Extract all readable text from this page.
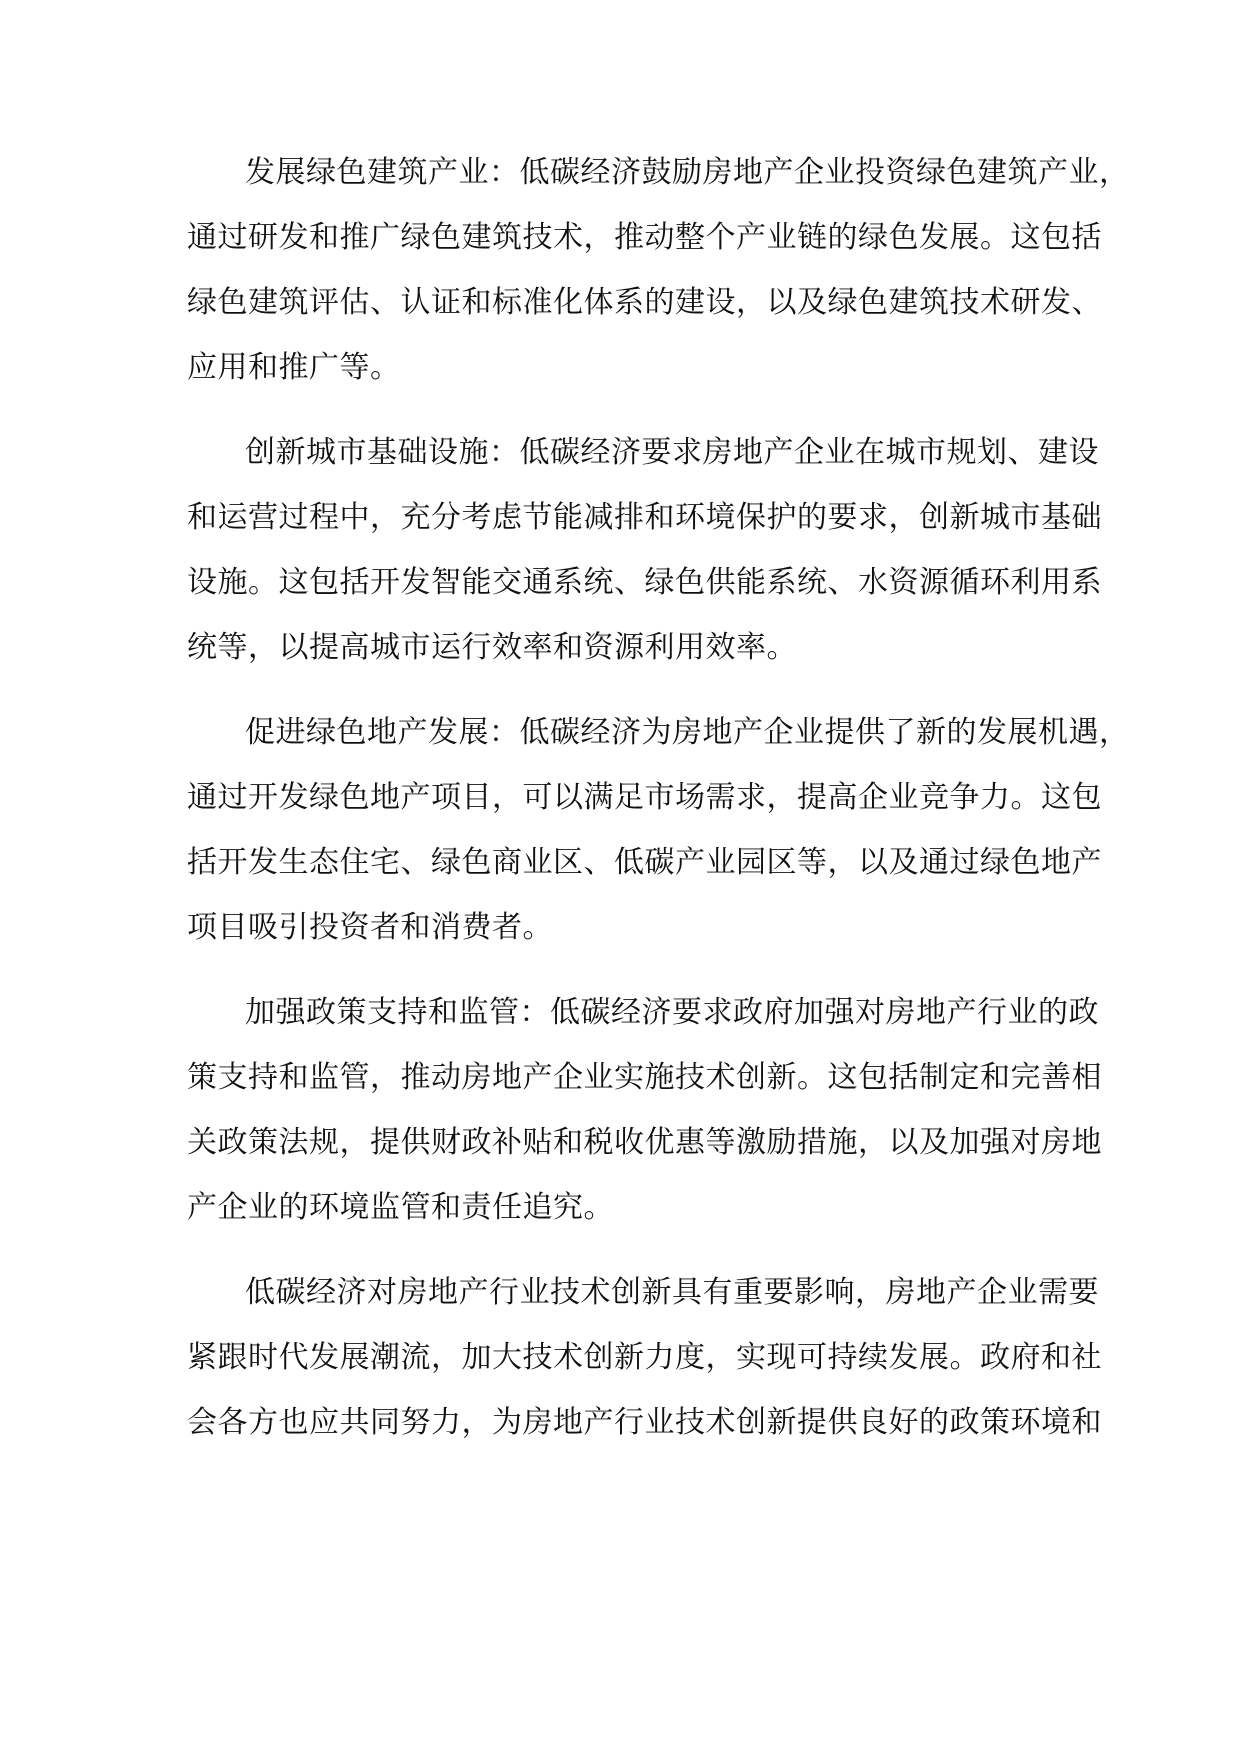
发展绿色建筑产业：低碳经济鼓励房地产企业投资绿色建筑产业，
通过研发和推广绿色建筑技术，推动整个产业链的绿色发展。这包括
绿色建筑评估、认证和标准化体系的建设，以及绿色建筑技术研发、
应用和推广等。
创新城市基础设施：低碳经济要求房地产企业在城市规划、建设
和运营过程中，充分考虑节能减排和环境保护的要求，创新城市基础
设施。这包括开发智能交通系统、绿色供能系统、水资源循环利用系
统等，以提高城市运行效率和资源利用效率。
促进绿色地产发展：低碳经济为房地产企业提供了新的发展机遇，
通过开发绿色地产项目，可以满足市场需求，提高企业竞争力。这包
括开发生态住宅、绿色商业区、低碳产业园区等，以及通过绿色地产
项目吸引投资者和消费者。
加强政策支持和监管：低碳经济要求政府加强对房地产行业的政
策支持和监管，推动房地产企业实施技术创新。这包括制定和完善相
关政策法规，提供财政补贴和税收优惠等激励措施，以及加强对房地
产企业的环境监管和责任追究。
低碳经济对房地产行业技术创新具有重要影响，房地产企业需要
紧跟时代发展潮流，加大技术创新力度，实现可持续发展。政府和社
会各方也应共同努力，为房地产行业技术创新提供良好的政策环境和
